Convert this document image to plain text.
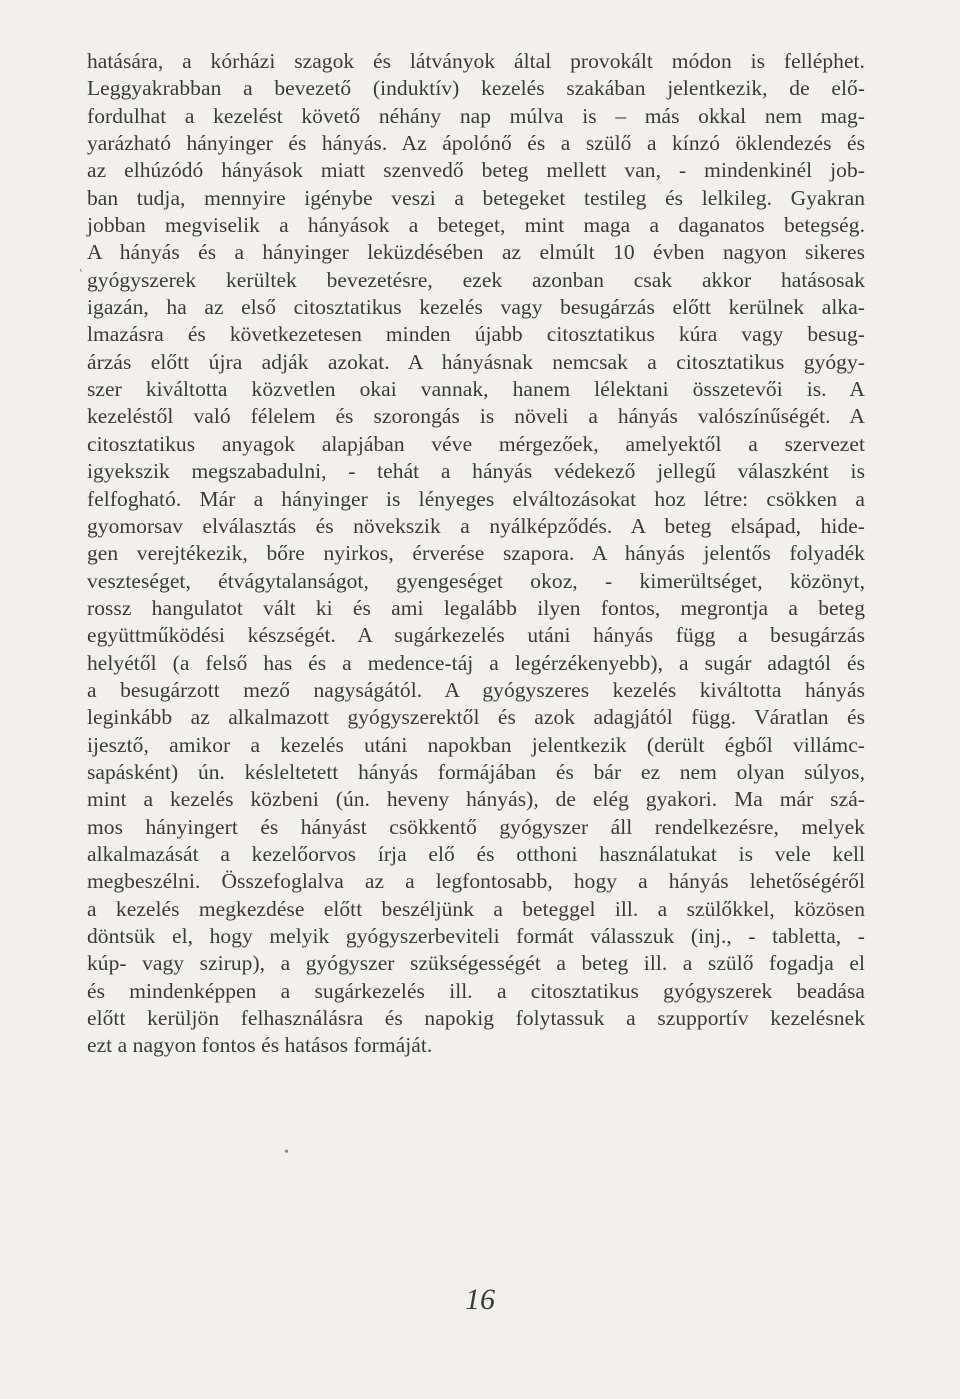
hatására, a kórházi szagok és látványok által provokált módon is felléphet.
Leggyakrabban a bevezető (induktív) kezelés szakában jelentkezik, de elő-
fordulhat a kezelést követő néhány nap múlva is – más okkal nem mag-
yarázható hányinger és hányás. Az ápolónő és a szülő a kínzó öklendezés és
az elhúzódó hányások miatt szenvedő beteg mellett van, - mindenkinél job-
ban tudja, mennyire igénybe veszi a betegeket testileg és lelkileg. Gyakran
jobban megviselik a hányások a beteget, mint maga a daganatos betegség.
A hányás és a hányinger leküzdésében az elmúlt 10 évben nagyon sikeres
gyógyszerek kerültek bevezetésre, ezek azonban csak akkor hatásosak
igazán, ha az első citosztatikus kezelés vagy besugárzás előtt kerülnek alka-
lmazásra és következetesen minden újabb citosztatikus kúra vagy besug-
árzás előtt újra adják azokat. A hányásnak nemcsak a citosztatikus gyógy-
szer kiváltotta közvetlen okai vannak, hanem lélektani összetevői is. A
kezeléstől való félelem és szorongás is növeli a hányás valószínűségét. A
citosztatikus anyagok alapjában véve mérgezőek, amelyektől a szervezet
igyekszik megszabadulni, - tehát a hányás védekező jellegű válaszként is
felfogható. Már a hányinger is lényeges elváltozásokat hoz létre: csökken a
gyomorsav elválasztás és növekszik a nyálképződés. A beteg elsápad, hide-
gen verejtékezik, bőre nyirkos, érverése szapora. A hányás jelentős folyadék
veszteséget, étvágytalanságot, gyengeséget okoz, - kimerültséget, közönyt,
rossz hangulatot vált ki és ami legalább ilyen fontos, megrontja a beteg
együttműködési készségét. A sugárkezelés utáni hányás függ a besugárzás
helyétől (a felső has és a medence-táj a legérzékenyebb), a sugár adagtól és
a besugárzott mező nagyságától. A gyógyszeres kezelés kiváltotta hányás
leginkább az alkalmazott gyógyszerektől és azok adagjától függ. Váratlan és
ijesztő, amikor a kezelés utáni napokban jelentkezik (derült égből villámc-
sapásként) ún. késleltetett hányás formájában és bár ez nem olyan súlyos,
mint a kezelés közbeni (ún. heveny hányás), de elég gyakori. Ma már szá-
mos hányingert és hányást csökkentő gyógyszer áll rendelkezésre, melyek
alkalmazását a kezelőorvos írja elő és otthoni használatukat is vele kell
megbeszélni. Összefoglalva az a legfontosabb, hogy a hányás lehetőségéről
a kezelés megkezdése előtt beszéljünk a beteggel ill. a szülőkkel, közösen
döntsük el, hogy melyik gyógyszerbeviteli formát válasszuk (inj., - tabletta, -
kúp- vagy szirup), a gyógyszer szükségességét a beteg ill. a szülő fogadja el
és mindenképpen a sugárkezelés ill. a citosztatikus gyógyszerek beadása
előtt kerüljön felhasználásra és napokig folytassuk a szupportív kezelésnek
ezt a nagyon fontos és hatásos formáját.
˛
•
16
